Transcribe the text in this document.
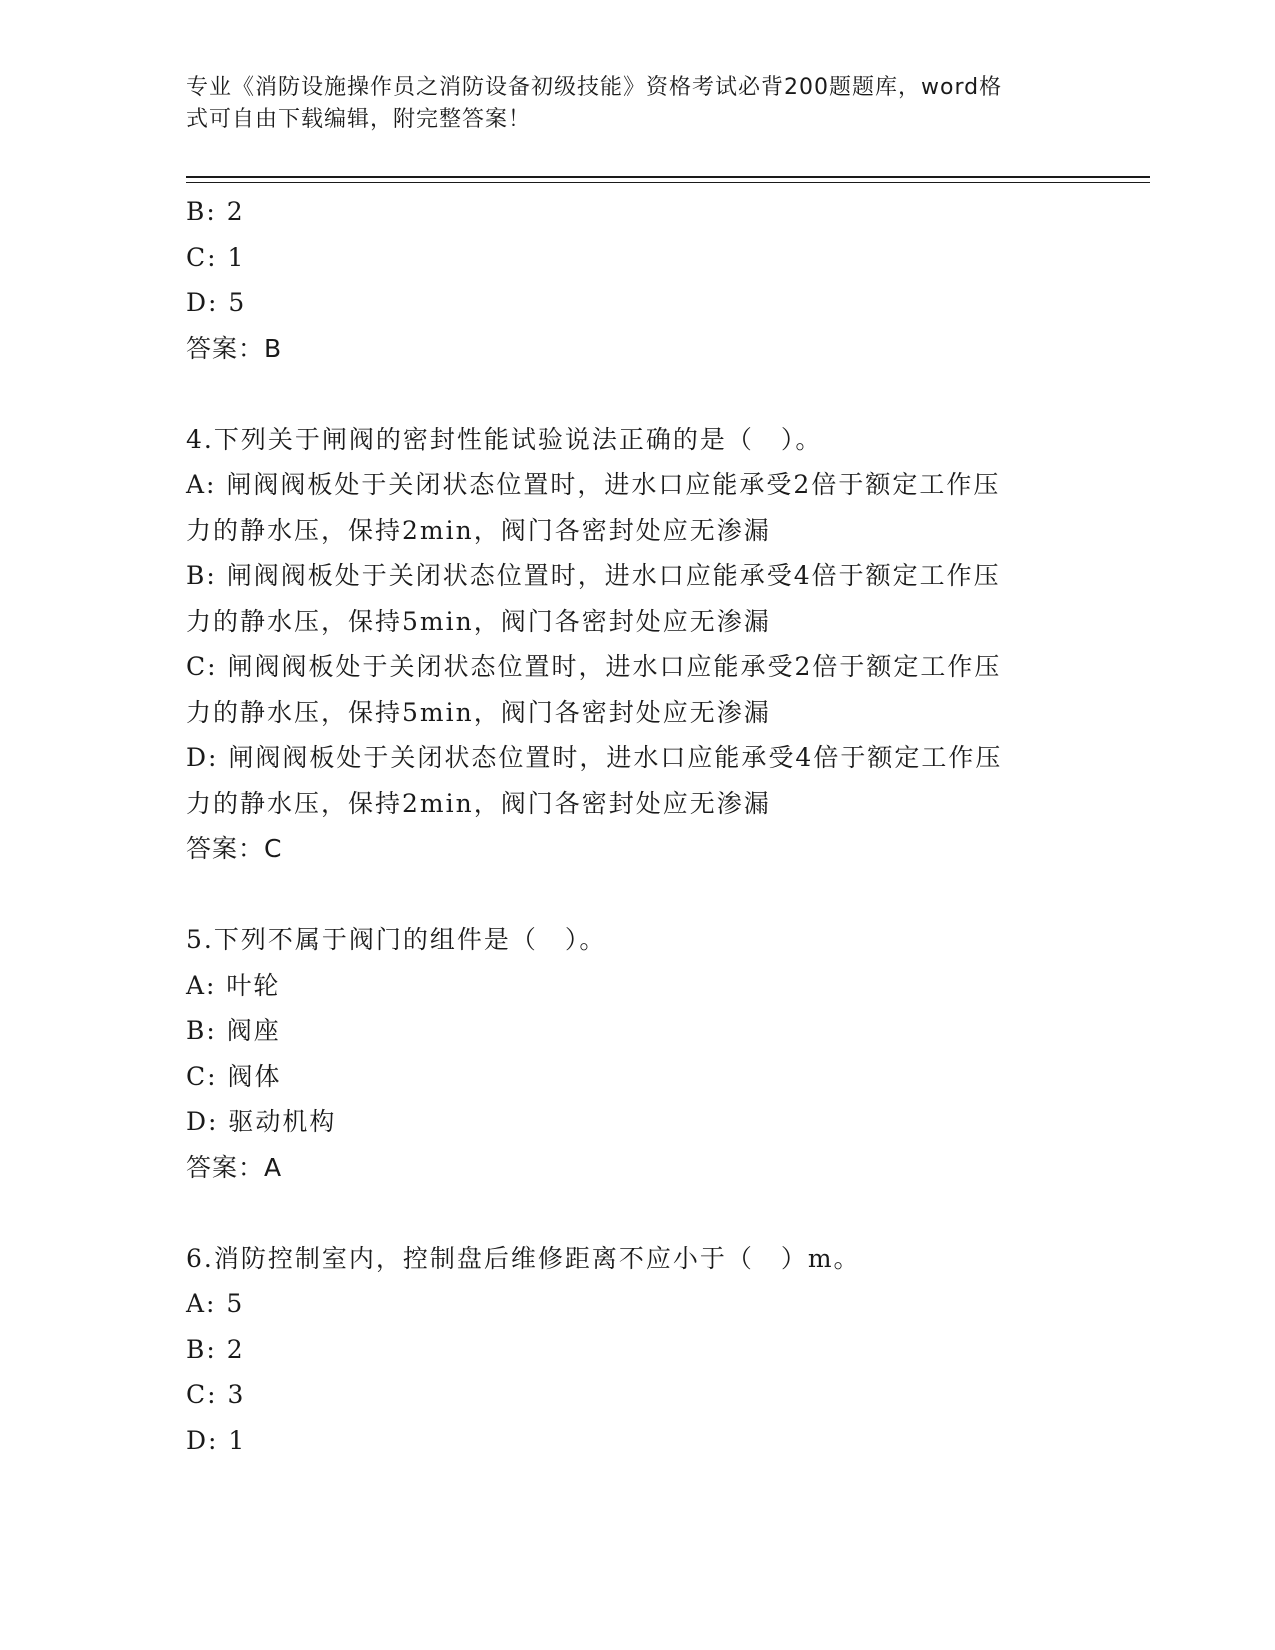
专业《消防设施操作员之消防设备初级技能》资格考试必背200题题库，word格
式可自由下载编辑，附完整答案！
B: 2
C: 1
D: 5
答案：B
4.下列关于闸阀的密封性能试验说法正确的是（　）。
A: 闸阀阀板处于关闭状态位置时，进水口应能承受2倍于额定工作压
力的静水压，保持2min，阀门各密封处应无渗漏
B: 闸阀阀板处于关闭状态位置时，进水口应能承受4倍于额定工作压
力的静水压，保持5min，阀门各密封处应无渗漏
C: 闸阀阀板处于关闭状态位置时，进水口应能承受2倍于额定工作压
力的静水压，保持5min，阀门各密封处应无渗漏
D: 闸阀阀板处于关闭状态位置时，进水口应能承受4倍于额定工作压
力的静水压，保持2min，阀门各密封处应无渗漏
答案：C
5.下列不属于阀门的组件是（　）。
A: 叶轮
B: 阀座
C: 阀体
D: 驱动机构
答案：A
6.消防控制室内，控制盘后维修距离不应小于（　）m。
A: 5
B: 2
C: 3
D: 1
